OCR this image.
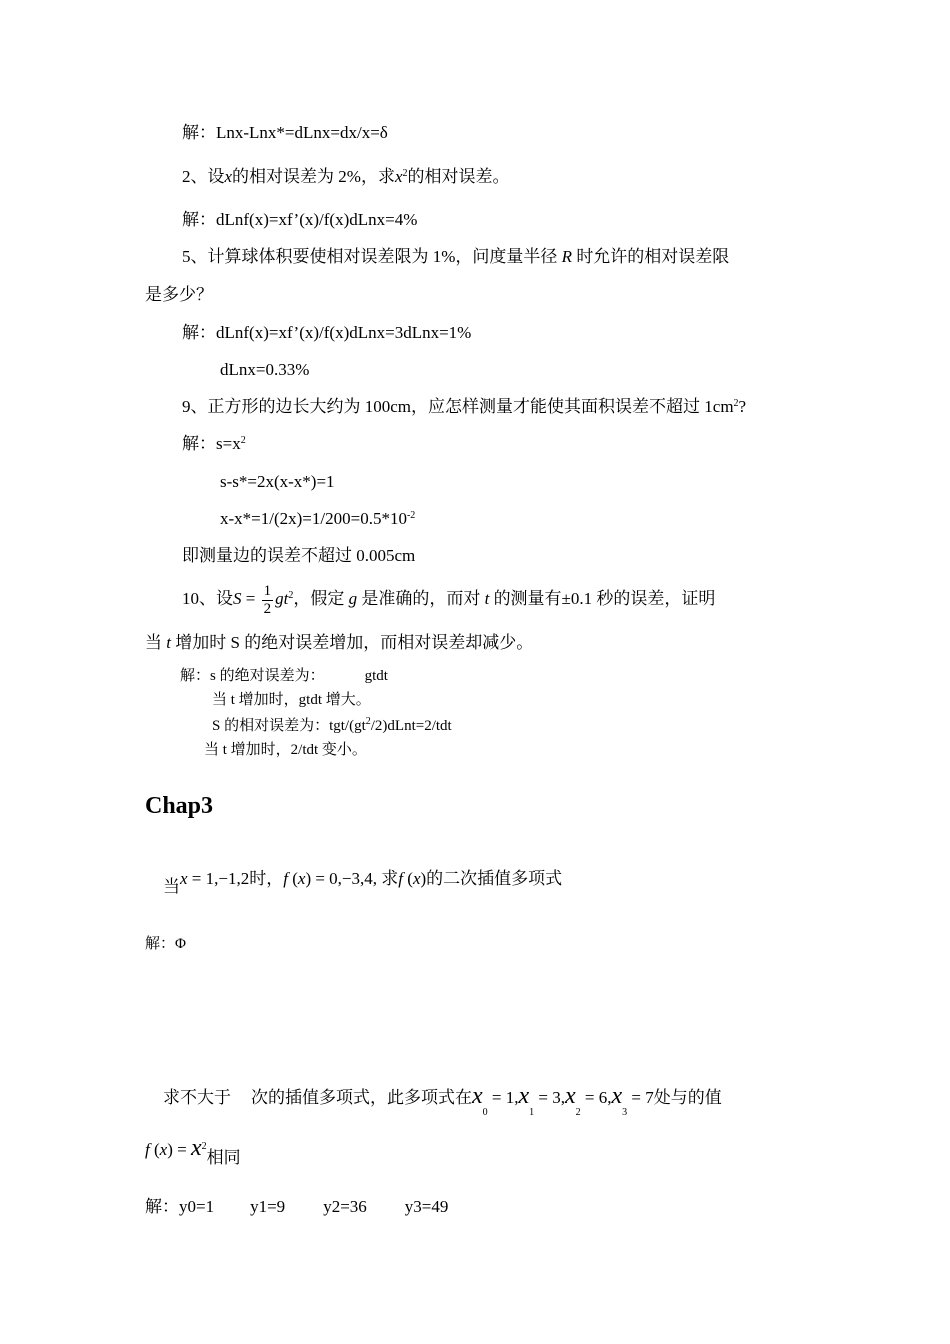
解：Lnx-Lnx*=dLnx=dx/x=δ
2、设x的相对误差为 2%，求$x^2$的相对误差。
解：dLnf(x)=xf’(x)/f(x)dLnx=4%
5、计算球体积要使相对误差限为 1%，问度量半径 R 时允许的相对误差限
是多少？
解：dLnf(x)=xf’(x)/f(x)dLnx=3dLnx=1%
dLnx=0.33%
9、正方形的边长大约为 100cm，应怎样测量才能使其面积误差不超过 $1cm^2$?
解：$s=x^2$
s-s*=2x(x-x*)=1
$x-x*=1/(2x)=1/200=0.5*10^{-2}$
即测量边的误差不超过 0.005cm
10、设$S = \frac{1}{2} gt^2$，假定 g 是准确的，而对 t 的测量有±0.1 秒的误差，证明
当 t 增加时 S 的绝对误差增加，而相对误差却减少。
解：s 的绝对误差为：	gtdt
当 t 增加时，gtdt 增大。
S 的相对误差为：tgt/$(gt^2/2)dLnt=2$/tdt
当 t 增加时，2/tdt 变小。
Chap3
当x = 1,−1,2时，f (x) = 0,−3,4, 求f (x)的二次插值多项式
解：Φ
求不大于 次的插值多项式，此多项式在$x_0 = 1,x_1 = 3,x_2 = 6,x_3 = 7$处与的值
f $(x) = x^2$相同
解：y0=1 y1=9 y2=36 y3=49
